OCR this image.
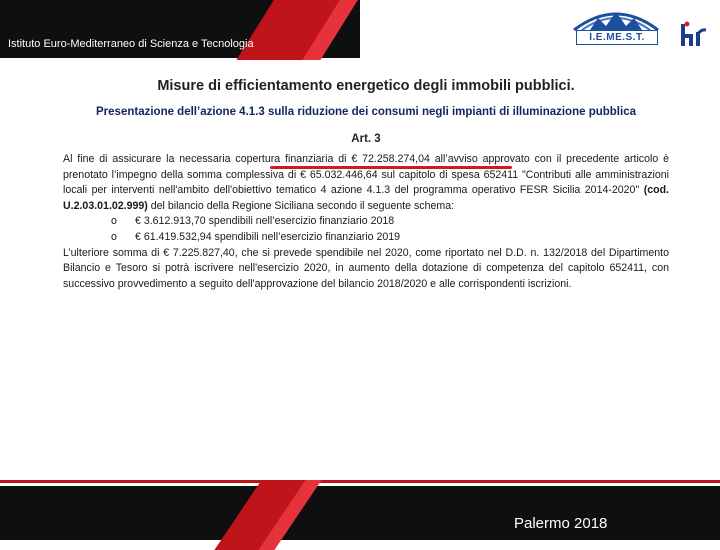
Istituto Euro-Mediterraneo di Scienza e Tecnologia
I.E.ME.S.T.
Misure di efficientamento energetico degli immobili pubblici.
Presentazione dell’azione 4.1.3 sulla riduzione dei consumi negli impianti di illuminazione pubblica
Art. 3
Al fine di assicurare la necessaria copertura finanziaria di € 72.258.274,04 all’avviso approvato con il precedente articolo è prenotato l’impegno della somma complessiva di € 65.032.446,64 sul capitolo di spesa 652411 "Contributi alle amministrazioni locali per interventi nell'ambito dell'obiettivo tematico 4 azione 4.1.3 del programma operativo FESR Sicilia 2014-2020" (cod. U.2.03.01.02.999) del bilancio della Regione Siciliana secondo il seguente schema:
o € 3.612.913,70 spendibili nell’esercizio finanziario 2018
o € 61.419.532,94 spendibili nell’esercizio finanziario 2019
L’ulteriore somma di € 7.225.827,40, che si prevede spendibile nel 2020, come riportato nel D.D. n. 132/2018 del Dipartimento Bilancio e Tesoro si potrà iscrivere nell'esercizio 2020, in aumento della dotazione di competenza del capitolo 652411, con successivo provvedimento a seguito dell'approvazione del bilancio 2018/2020 e alle corrispondenti iscrizioni.
Palermo 2018
